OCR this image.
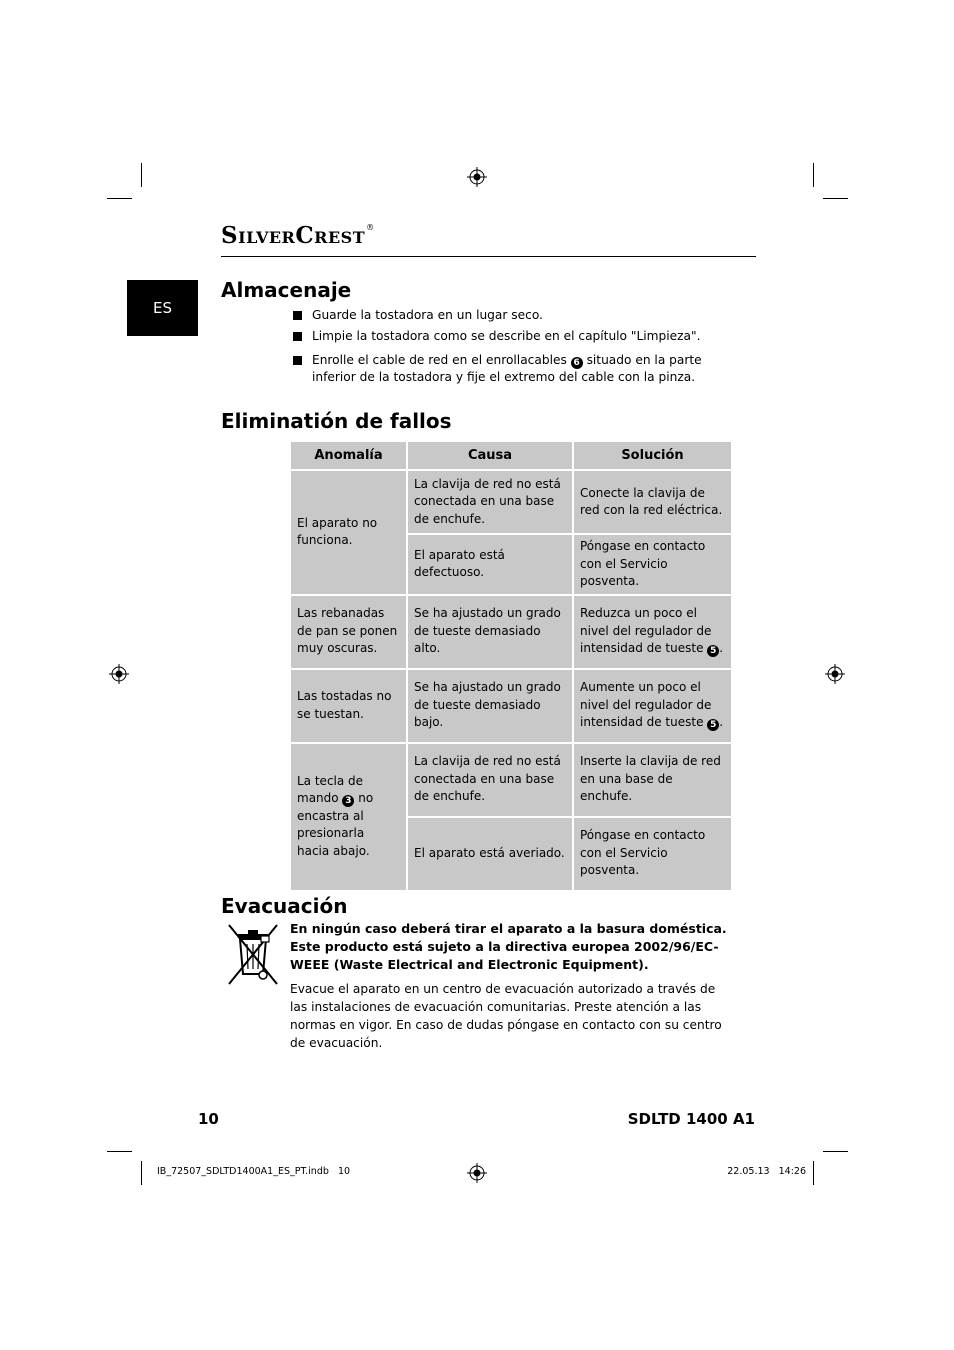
SilverCrest®
ES
Almacenaje
Guarde la tostadora en un lugar seco.
Limpie la tostadora como se describe en el capítulo "Limpieza".
Enrolle el cable de red en el enrollacables 6 situado en la parte inferior de la tostadora y fije el extremo del cable con la pinza.
Eliminatión de fallos
Anomalía	Causa	Solución
El aparato no funciona.	La clavija de red no está conectada en una base de enchufe.	Conecte la clavija de red con la red eléctrica.
	El aparato está defectuoso.	Póngase en contacto con el Servicio posventa.
Las rebanadas de pan se ponen muy oscuras.	Se ha ajustado un grado de tueste demasiado alto.	Reduzca un poco el nivel del regulador de intensidad de tueste 5 .
Las tostadas no se tuestan.	Se ha ajustado un grado de tueste demasiado bajo.	Aumente un poco el nivel del regulador de intensidad de tueste 5 .
La tecla de mando 3 no encastra al presionarla hacia abajo.	La clavija de red no está conectada en una base de enchufe.	Inserte la clavija de red en una base de enchufe.
	El aparato está averiado.	Póngase en contacto con el Servicio posventa.
Evacuación
En ningún caso deberá tirar el aparato a la basura doméstica. Este producto está sujeto a la directiva europea 2002/96/EC-WEEE (Waste Electrical and Electronic Equipment).
Evacue el aparato en un centro de evacuación autorizado a través de las instalaciones de evacuación comunitarias. Preste atención a las normas en vigor. En caso de dudas póngase en contacto con su centro de evacuación.
10	SDLTD 1400 A1
IB_72507_SDLTD1400A1_ES_PT.indb   10	22.05.13   14:26
